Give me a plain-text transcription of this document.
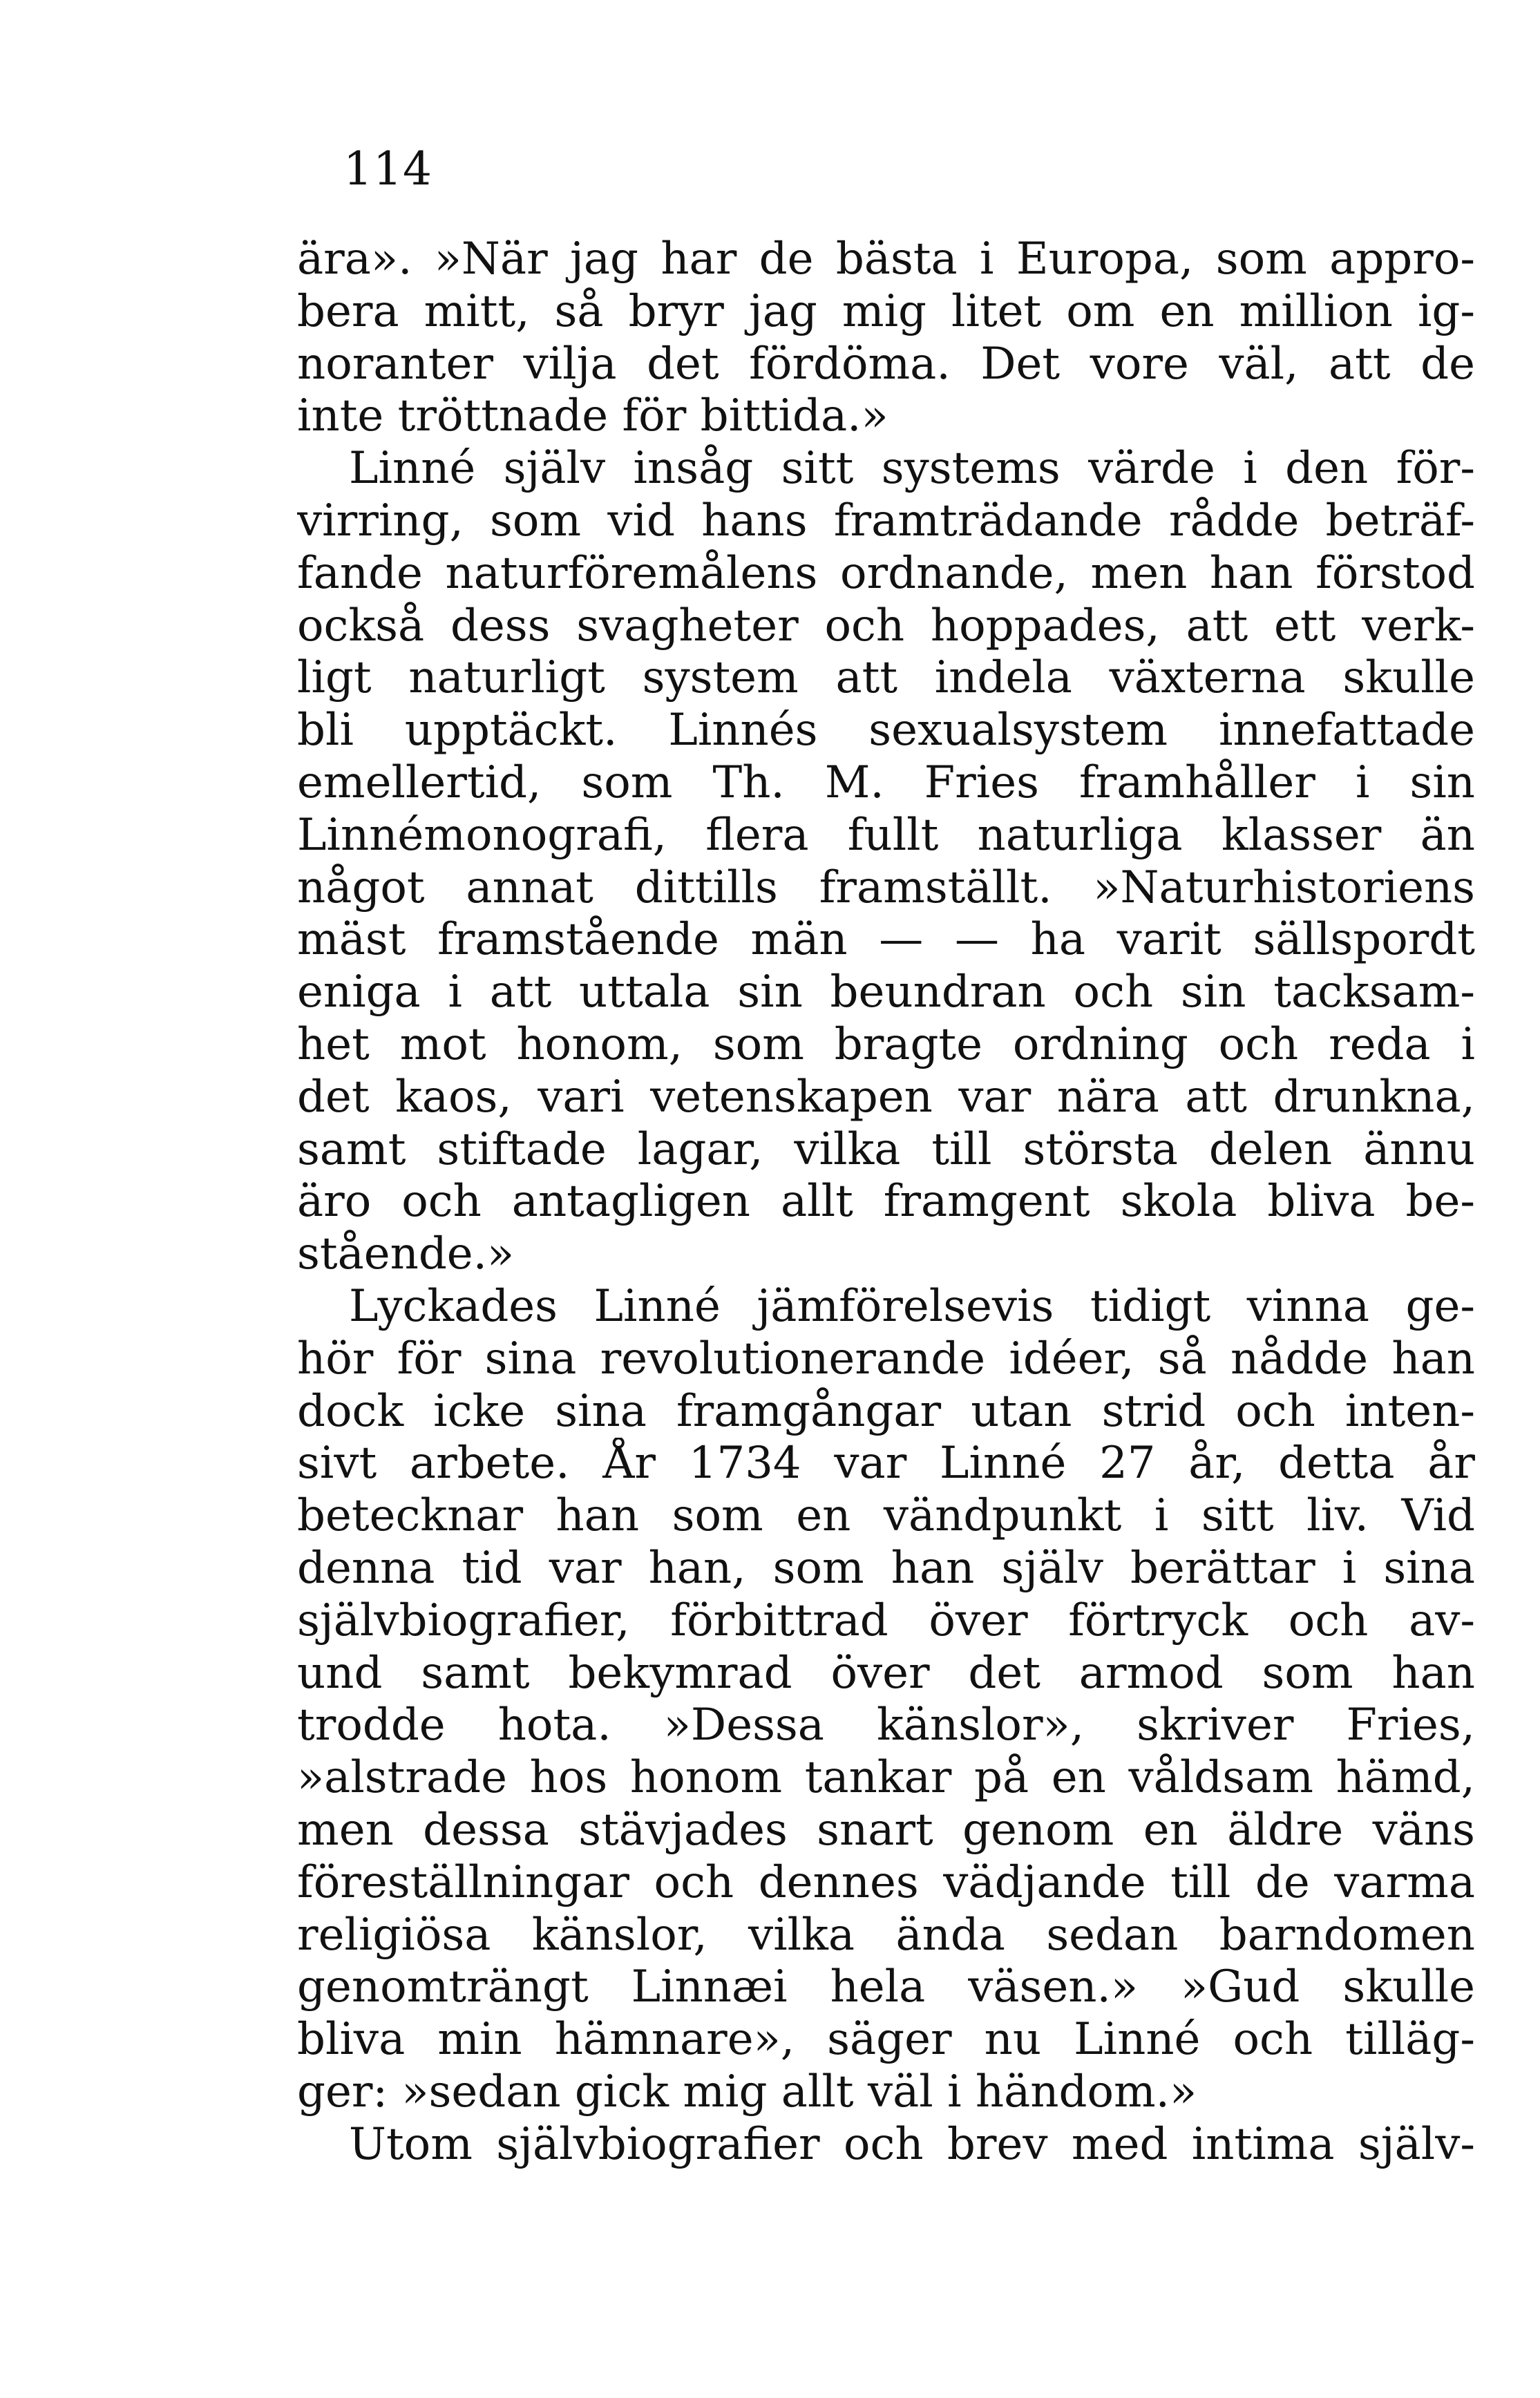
114
ära». »När jag har de bästa i Europa, som appro-
bera mitt, så bryr jag mig litet om en million ig-
noranter vilja det fördöma. Det vore väl, att de
inte tröttnade för bittida.»
Linné själv insåg sitt systems värde i den för-
virring, som vid hans framträdande rådde beträf-
fande naturföremålens ordnande, men han förstod
också dess svagheter och hoppades, att ett verk-
ligt naturligt system att indela växterna skulle
bli upptäckt. Linnés sexualsystem innefattade
emellertid, som Th. M. Fries framhåller i sin
Linnémonografi, flera fullt naturliga klasser än
något annat dittills framställt. »Naturhistoriens
mäst framstående män — — ha varit sällspordt
eniga i att uttala sin beundran och sin tacksam-
het mot honom, som bragte ordning och reda i
det kaos, vari vetenskapen var nära att drunkna,
samt stiftade lagar, vilka till största delen ännu
äro och antagligen allt framgent skola bliva be-
stående.»
Lyckades Linné jämförelsevis tidigt vinna ge-
hör för sina revolutionerande idéer, så nådde han
dock icke sina framgångar utan strid och inten-
sivt arbete. År 1734 var Linné 27 år, detta år
betecknar han som en vändpunkt i sitt liv. Vid
denna tid var han, som han själv berättar i sina
självbiografier, förbittrad över förtryck och av-
und samt bekymrad över det armod som han
trodde hota. »Dessa känslor», skriver Fries,
»alstrade hos honom tankar på en våldsam hämd,
men dessa stävjades snart genom en äldre väns
föreställningar och dennes vädjande till de varma
religiösa känslor, vilka ända sedan barndomen
genomträngt Linnæi hela väsen.» »Gud skulle
bliva min hämnare», säger nu Linné och tilläg-
ger: »sedan gick mig allt väl i händom.»
Utom självbiografier och brev med intima själv-
